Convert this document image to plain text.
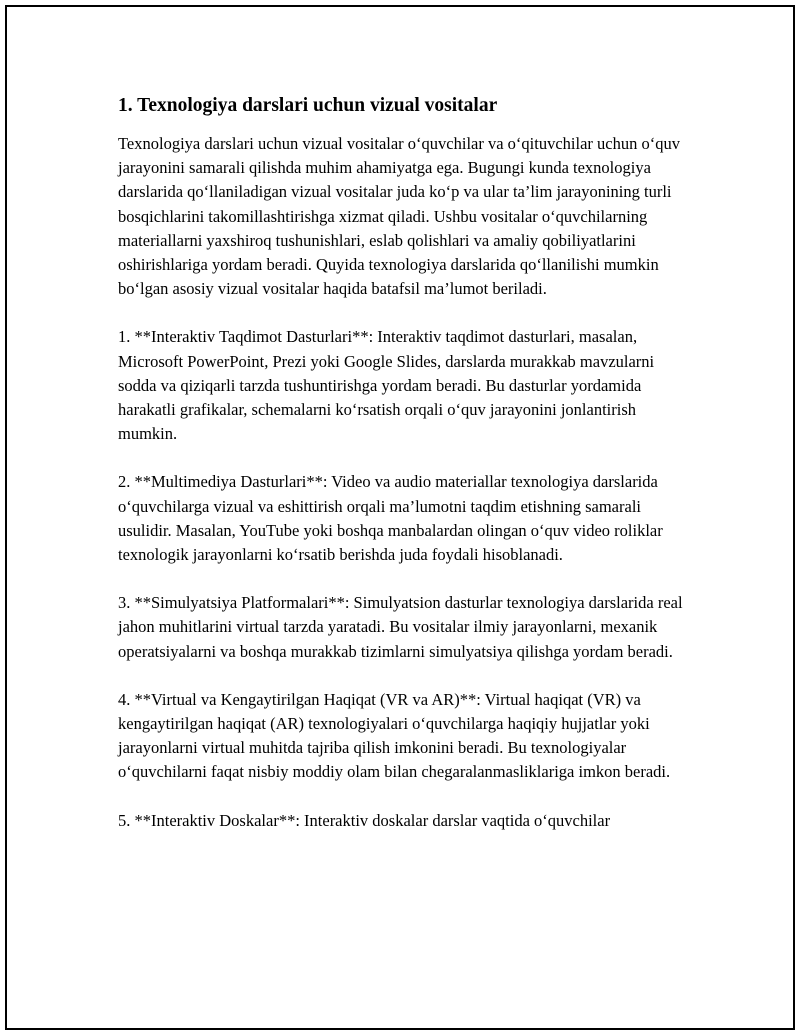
1. Texnologiya darslari uchun vizual vositalar

Texnologiya darslari uchun vizual vositalar o‘quvchilar va o‘qituvchilar uchun o‘quv jarayonini samarali qilishda muhim ahamiyatga ega. Bugungi kunda texnologiya darslarida qo‘llaniladigan vizual vositalar juda ko‘p va ular ta’lim jarayonining turli bosqichlarini takomillashtirishga xizmat qiladi. Ushbu vositalar o‘quvchilarning materiallarni yaxshiroq tushunishlari, eslab qolishlari va amaliy qobiliyatlarini oshirishlariga yordam beradi. Quyida texnologiya darslarida qo‘llanilishi mumkin bo‘lgan asosiy vizual vositalar haqida batafsil ma’lumot beriladi.

1. **Interaktiv Taqdimot Dasturlari**: Interaktiv taqdimot dasturlari, masalan, Microsoft PowerPoint, Prezi yoki Google Slides, darslarda murakkab mavzularni sodda va qiziqarli tarzda tushuntirishga yordam beradi. Bu dasturlar yordamida harakatli grafikalar, schemalarni ko‘rsatish orqali o‘quv jarayonini jonlantirish mumkin.

2. **Multimediya Dasturlari**: Video va audio materiallar texnologiya darslarida o‘quvchilarga vizual va eshittirish orqali ma’lumotni taqdim etishning samarali usulidir. Masalan, YouTube yoki boshqa manbalardan olingan o‘quv video roliklar texnologik jarayonlarni ko‘rsatib berishda juda foydali hisoblanadi.

3. **Simulyatsiya Platformalari**: Simulyatsion dasturlar texnologiya darslarida real jahon muhitlarini virtual tarzda yaratadi. Bu vositalar ilmiy jarayonlarni, mexanik operatsiyalarni va boshqa murakkab tizimlarni simulyatsiya qilishga yordam beradi.

4. **Virtual va Kengaytirilgan Haqiqat (VR va AR)**: Virtual haqiqat (VR) va kengaytirilgan haqiqat (AR) texnologiyalari o‘quvchilarga haqiqiy hujjatlar yoki jarayonlarni virtual muhitda tajriba qilish imkonini beradi. Bu texnologiyalar o‘quvchilarni faqat nisbiy moddiy olam bilan chegaralanmasliklariga imkon beradi.

5. **Interaktiv Doskalar**: Interaktiv doskalar darslar vaqtida o‘quvchilar
